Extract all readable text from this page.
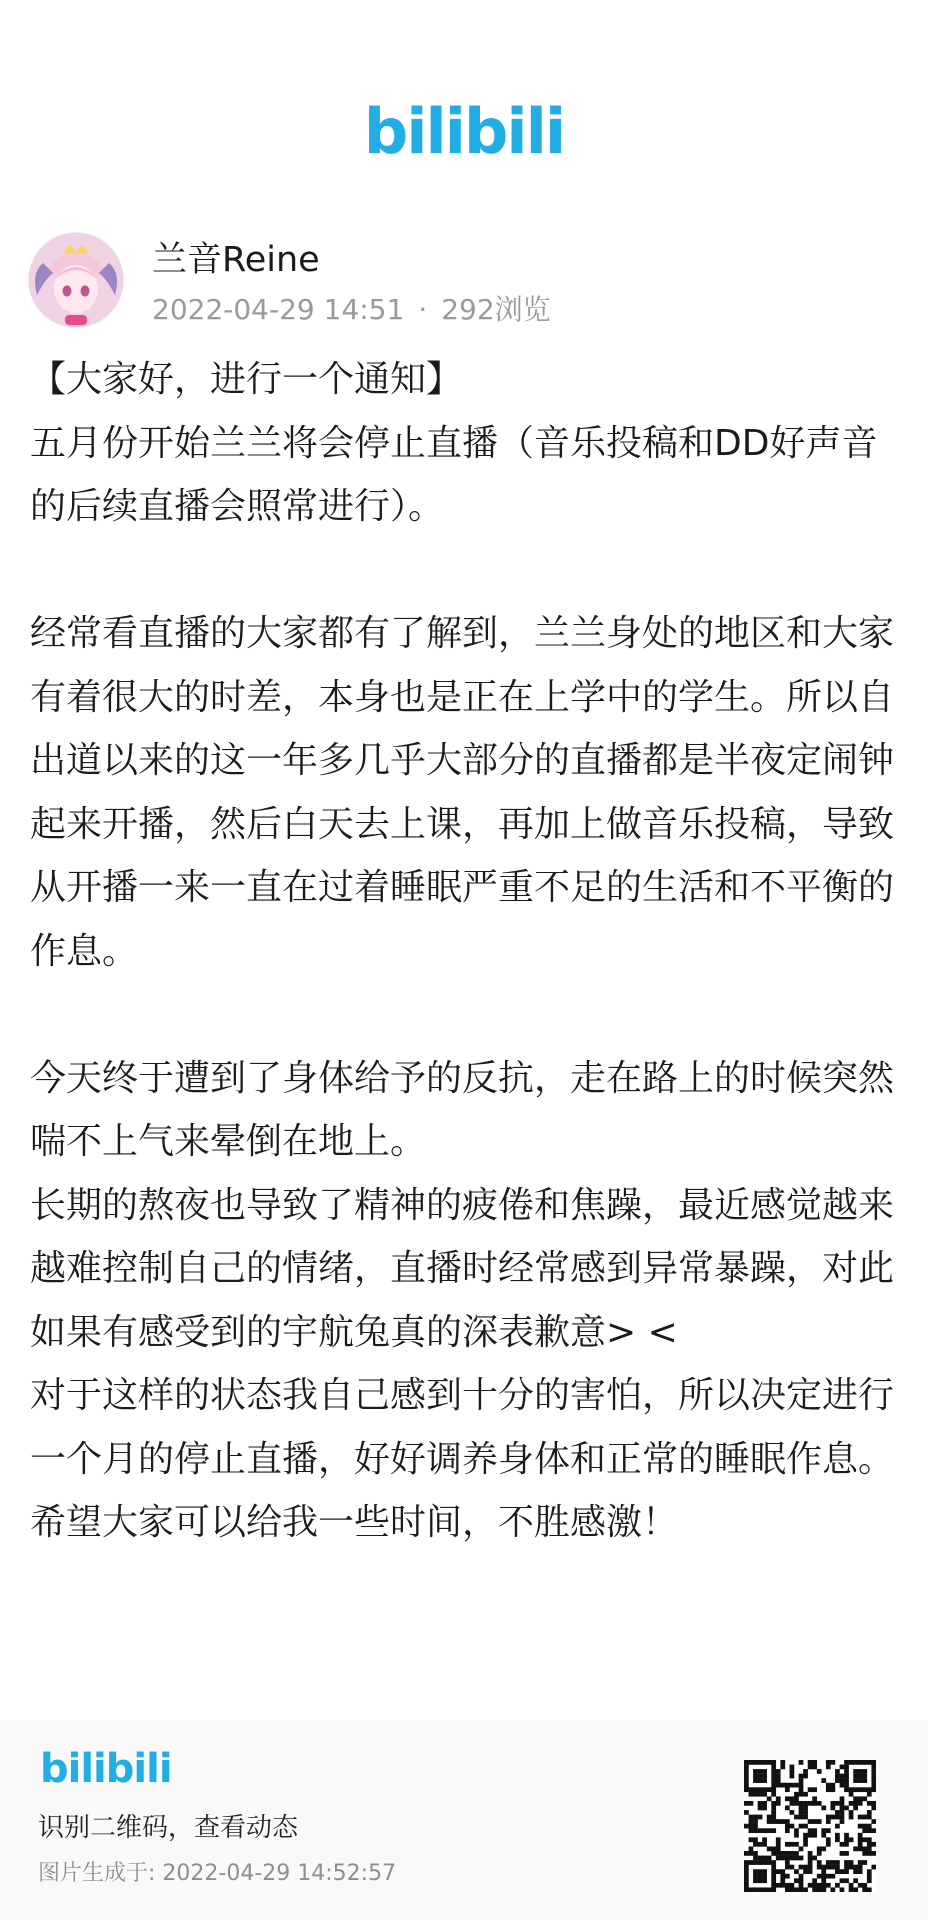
bilibili
兰音Reine
2022-04-29 14:51 · 292浏览

【大家好，进行一个通知】
五月份开始兰兰将会停止直播（音乐投稿和DD好声音的后续直播会照常进行）。

经常看直播的大家都有了解到，兰兰身处的地区和大家有着很大的时差，本身也是正在上学中的学生。所以自出道以来的这一年多几乎大部分的直播都是半夜定闹钟起来开播，然后白天去上课，再加上做音乐投稿，导致从开播一来一直在过着睡眠严重不足的生活和不平衡的作息。

今天终于遭到了身体给予的反抗，走在路上的时候突然喘不上气来晕倒在地上。
长期的熬夜也导致了精神的疲倦和焦躁，最近感觉越来越难控制自己的情绪，直播时经常感到异常暴躁，对此如果有感受到的宇航兔真的深表歉意> <
对于这样的状态我自己感到十分的害怕，所以决定进行一个月的停止直播，好好调养身体和正常的睡眠作息。
希望大家可以给我一些时间，不胜感激！

bilibili
识别二维码，查看动态
图片生成于: 2022-04-29 14:52:57
